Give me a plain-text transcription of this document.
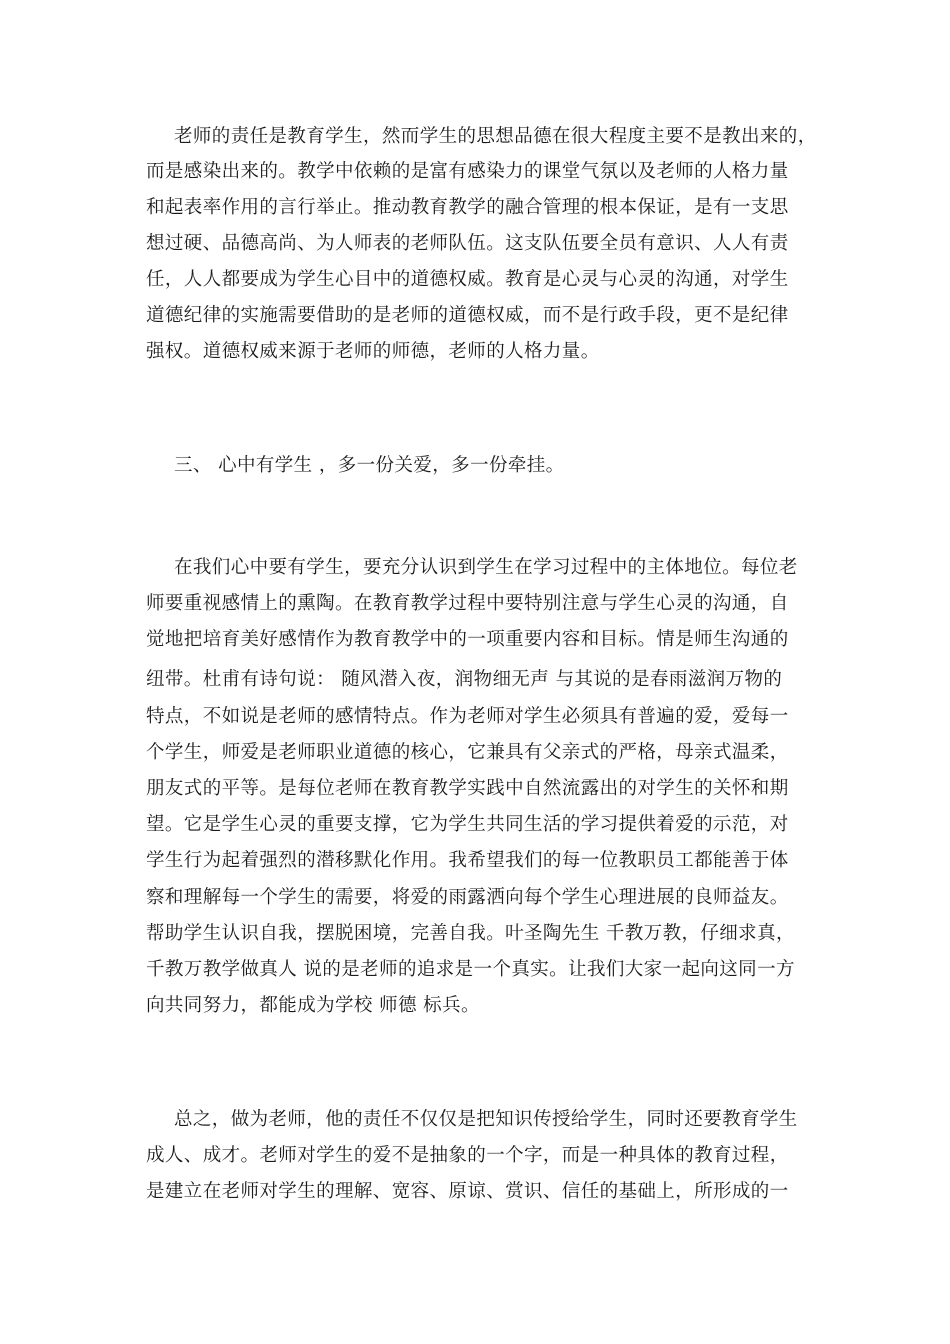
老师的责任是教育学生，然而学生的思想品德在很大程度主要不是教出来的，
而是感染出来的。教学中依赖的是富有感染力的课堂气氛以及老师的人格力量
和起表率作用的言行举止。推动教育教学的融合管理的根本保证，是有一支思
想过硬、品德高尚、为人师表的老师队伍。这支队伍要全员有意识、人人有责
任，人人都要成为学生心目中的道德权威。教育是心灵与心灵的沟通，对学生
道德纪律的实施需要借助的是老师的道德权威，而不是行政手段，更不是纪律
强权。道德权威来源于老师的师德，老师的人格力量。
三、 心中有学生 ，多一份关爱，多一份牵挂。
在我们心中要有学生，要充分认识到学生在学习过程中的主体地位。每位老
师要重视感情上的熏陶。在教育教学过程中要特别注意与学生心灵的沟通，自
觉地把培育美好感情作为教育教学中的一项重要内容和目标。情是师生沟通的
纽带。杜甫有诗句说： 随风潜入夜，润物细无声 与其说的是春雨滋润万物的
特点，不如说是老师的感情特点。作为老师对学生必须具有普遍的爱，爱每一
个学生，师爱是老师职业道德的核心，它兼具有父亲式的严格，母亲式温柔，
朋友式的平等。是每位老师在教育教学实践中自然流露出的对学生的关怀和期
望。它是学生心灵的重要支撑，它为学生共同生活的学习提供着爱的示范，对
学生行为起着强烈的潜移默化作用。我希望我们的每一位教职员工都能善于体
察和理解每一个学生的需要，将爱的雨露洒向每个学生心理进展的良师益友。
帮助学生认识自我，摆脱困境，完善自我。叶圣陶先生 千教万教，仔细求真，
千教万教学做真人 说的是老师的追求是一个真实。让我们大家一起向这同一方
向共同努力，都能成为学校 师德 标兵。
总之，做为老师，他的责任不仅仅是把知识传授给学生，同时还要教育学生
成人、成才。老师对学生的爱不是抽象的一个字，而是一种具体的教育过程，
是建立在老师对学生的理解、宽容、原谅、赏识、信任的基础上，所形成的一
